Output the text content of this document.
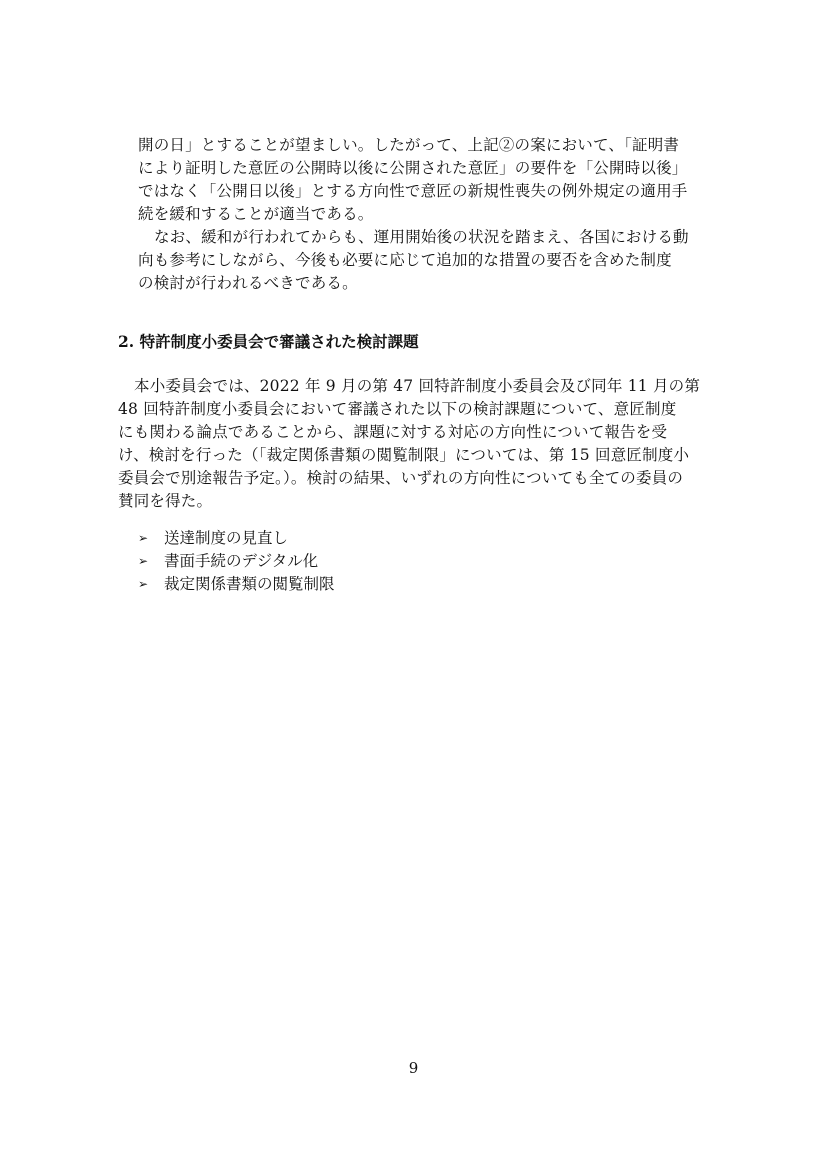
開の日」とすることが望ましい。したがって、上記②の案において、「証明書
により証明した意匠の公開時以後に公開された意匠」の要件を「公開時以後」
ではなく「公開日以後」とする方向性で意匠の新規性喪失の例外規定の適用手
続を緩和することが適当である。
なお、緩和が行われてからも、運用開始後の状況を踏まえ、各国における動
向も参考にしながら、今後も必要に応じて追加的な措置の要否を含めた制度
の検討が行われるべきである。
2. 特許制度小委員会で審議された検討課題
本小委員会では、2022 年 9 月の第 47 回特許制度小委員会及び同年 11 月の第
48 回特許制度小委員会において審議された以下の検討課題について、意匠制度
にも関わる論点であることから、課題に対する対応の方向性について報告を受
け、検討を行った（「裁定関係書類の閲覧制限」については、第 15 回意匠制度小
委員会で別途報告予定。）。検討の結果、いずれの方向性についても全ての委員の
賛同を得た。
➢ 送達制度の見直し
➢ 書面手続のデジタル化
➢ 裁定関係書類の閲覧制限
9
